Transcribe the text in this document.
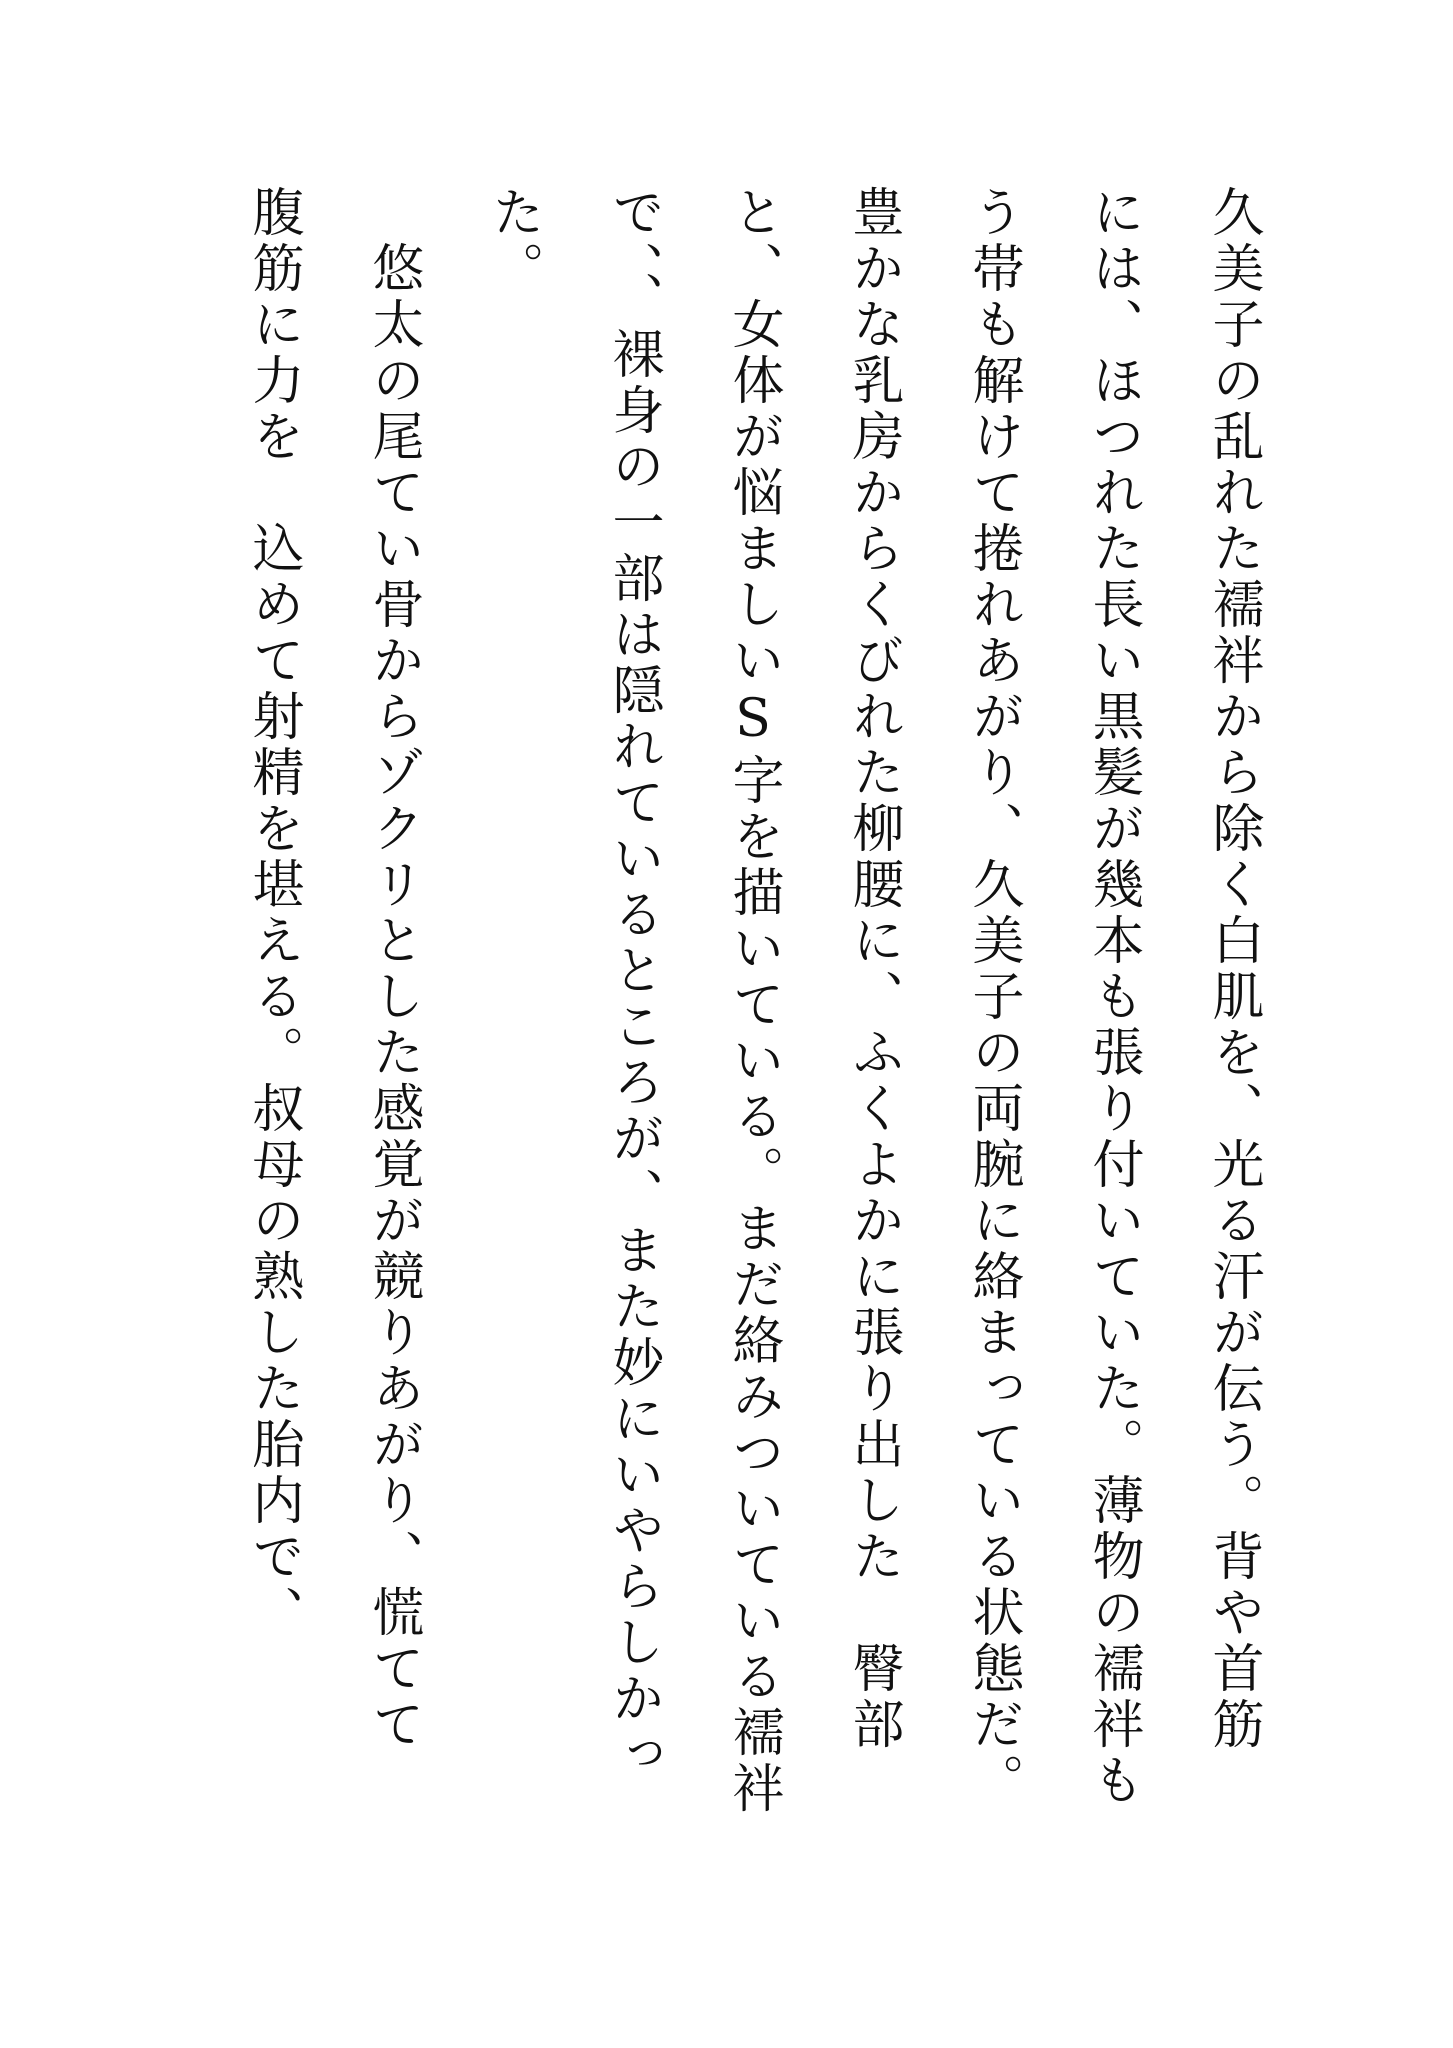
久美子の乱れた襦袢から除く白肌を、光る汗が伝う。背や首筋
には、ほつれた長い黒髪が幾本も張り付いていた。薄物の襦袢も
う帯も解けて捲れあがり、久美子の両腕に絡まっている状態だ。
豊かな乳房からくびれた柳腰に、ふくよかに張り出した　臀部
と、女体が悩ましいS字を描いている。まだ絡みついている襦袢
で、、裸身の一部は隠れているところが、また妙にいやらしかっ
た。
　悠太の尾てい骨からゾクリとした感覚が競りあがり、慌てて
腹筋に力を　込めて射精を堪える。叔母の熟した胎内で、
